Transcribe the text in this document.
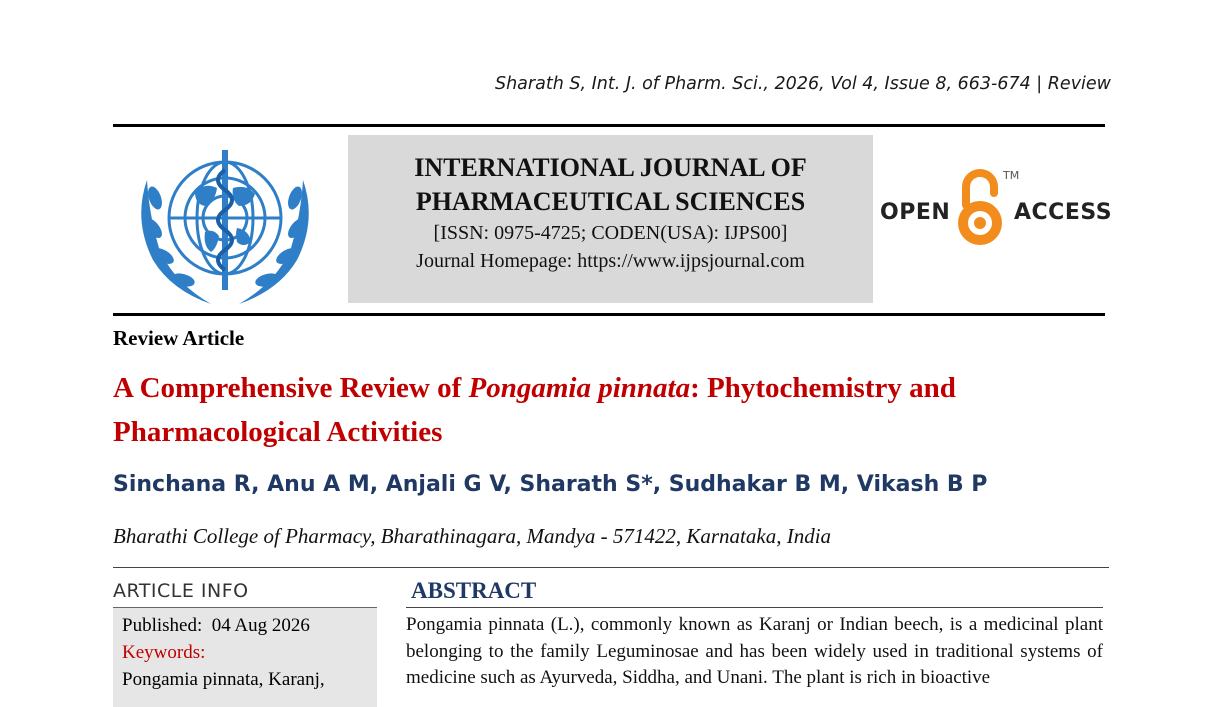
Sharath S, Int. J. of Pharm. Sci., 2026, Vol 4, Issue 8, 663-674 | Review
INTERNATIONAL JOURNAL OF
PHARMACEUTICAL SCIENCES
[ISSN: 0975-4725; CODEN(USA): IJPS00]
Journal Homepage: https://www.ijpsjournal.com
OPEN
TM
ACCESS
Review Article
A Comprehensive Review of Pongamia pinnata: Phytochemistry and Pharmacological Activities
Sinchana R, Anu A M, Anjali G V, Sharath S*, Sudhakar B M, Vikash B P
Bharathi College of Pharmacy, Bharathinagara, Mandya - 571422, Karnataka, India
ARTICLE INFO
Published: 04 Aug 2026
Keywords:
Pongamia pinnata, Karanj,
ABSTRACT
Pongamia pinnata (L.), commonly known as Karanj or Indian beech, is a medicinal plant belonging to the family Leguminosae and has been widely used in traditional systems of medicine such as Ayurveda, Siddha, and Unani. The plant is rich in bioactive
